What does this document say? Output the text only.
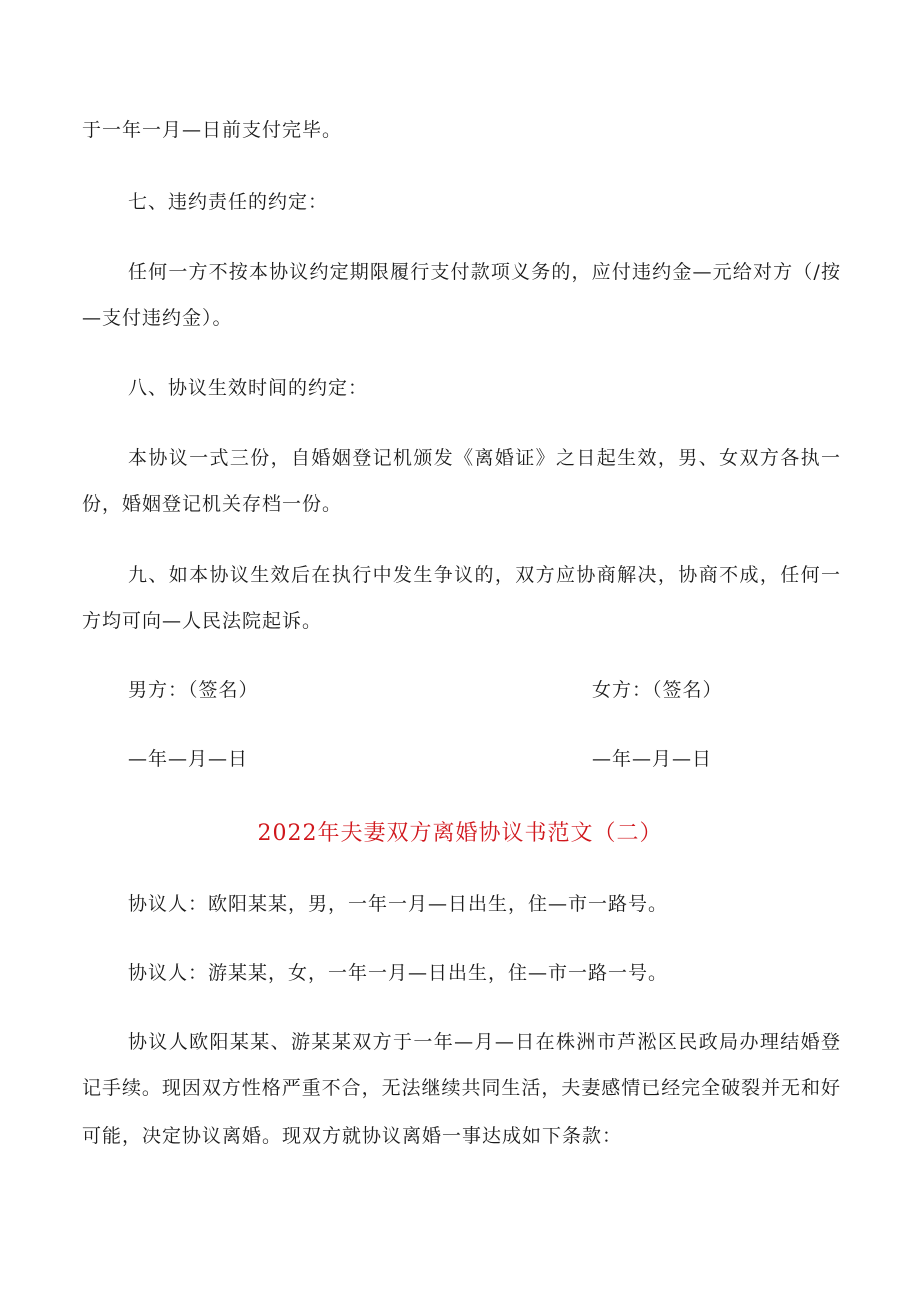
于一年一月—日前支付完毕。
七、违约责任的约定：
任何一方不按本协议约定期限履行支付款项义务的，应付违约金—元给对方（/按
—支付违约金）。
八、协议生效时间的约定：
本协议一式三份，自婚姻登记机颁发《离婚证》之日起生效，男、女双方各执一
份，婚姻登记机关存档一份。
九、如本协议生效后在执行中发生争议的，双方应协商解决，协商不成，任何一
方均可向—人民法院起诉。
男方：（签名）	女方：（签名）
—年—月—日	—年—月—日
2022年夫妻双方离婚协议书范文（二）
协议人：欧阳某某，男，一年一月—日出生，住—市一路号。
协议人：游某某，女，一年一月—日出生，住—市一路一号。
协议人欧阳某某、游某某双方于一年—月—日在株洲市芦淞区民政局办理结婚登
记手续。现因双方性格严重不合，无法继续共同生活，夫妻感情已经完全破裂并无和好
可能，决定协议离婚。现双方就协议离婚一事达成如下条款：
